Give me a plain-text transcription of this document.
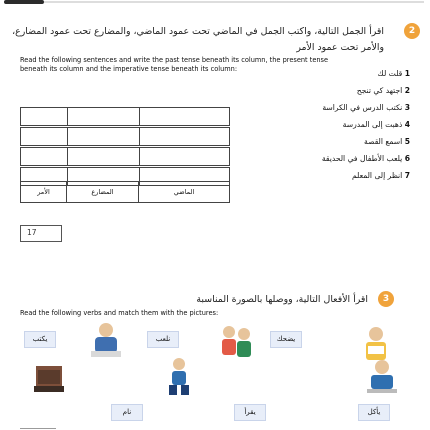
2
اقرأ الجمل التالية، واكتب الجمل في الماضي تحت عمود الماضي، والمضارع تحت عمود المضارع،
والأمر تحت عمود الأمر
Read the following sentences and write the past tense beneath its column, the present tense beneath its column and the imperative tense beneath its column:
الأمر	المضارع	الماضي
1 قلت لك
2 اجتهد كي تنجح
3 نكتب الدرس في الكراسة
4 ذهبت إلى المدرسة
5 اسمع القصة
6 يلعب الأطفال في الحديقة
7 انظر إلى المعلم
17
3
اقرأ الأفعال التالية، ووصلها بالصورة المناسبة
Read the following verbs and match them with the pictures:
يكتب	نلعب	يضحك
نام	يقرأ	يأكل
